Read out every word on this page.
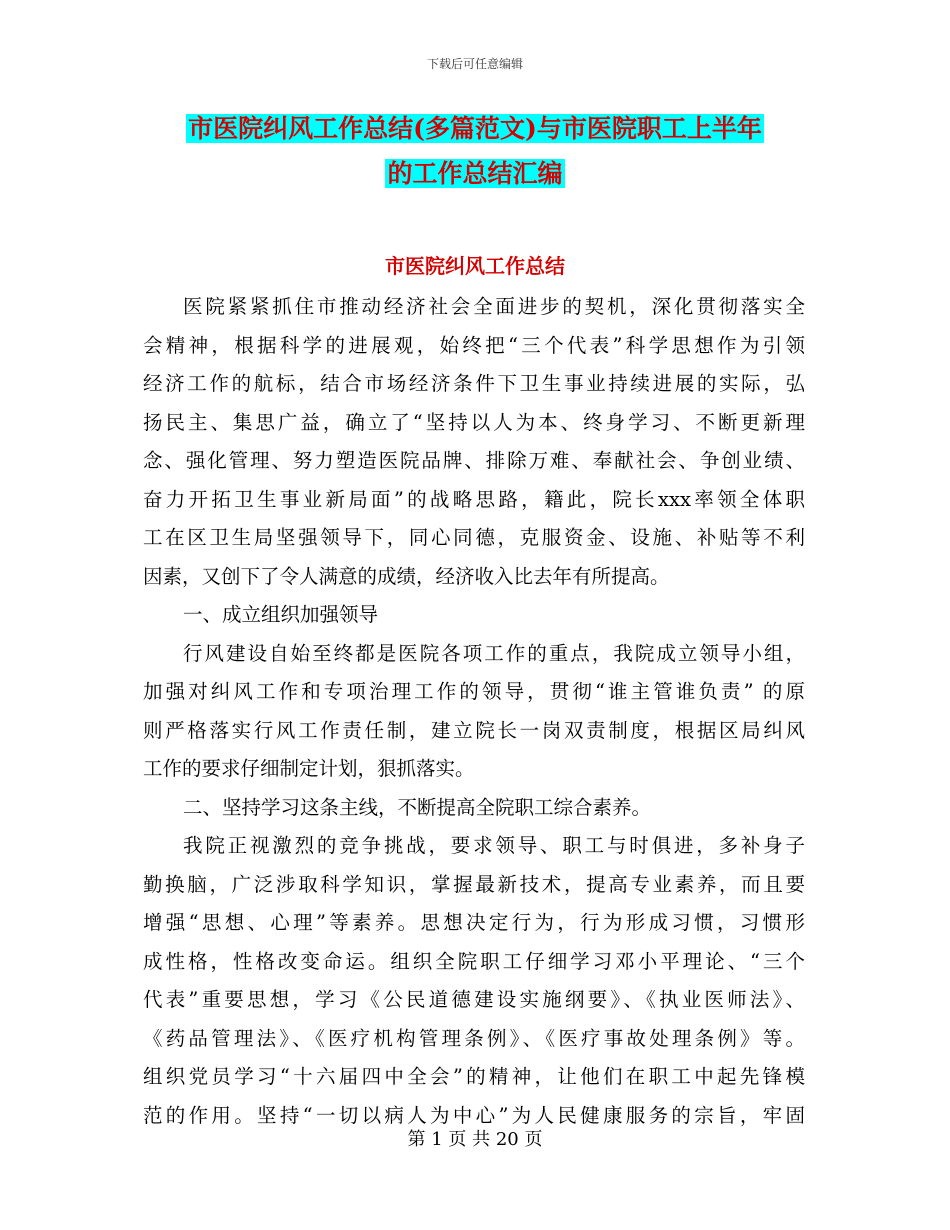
下载后可任意编辑
市医院纠风工作总结(多篇范文)与市医院职工上半年
的工作总结汇编
市医院纠风工作总结
医院紧紧抓住市推动经济社会全面进步的契机，深化贯彻落实全
会精神，根据科学的进展观，始终把“三个代表”科学思想作为引领
经济工作的航标，结合市场经济条件下卫生事业持续进展的实际，弘
扬民主、集思广益，确立了“坚持以人为本、终身学习、不断更新理
念、强化管理、努力塑造医院品牌、排除万难、奉献社会、争创业绩、
奋力开拓卫生事业新局面”的战略思路，籍此，院长xxx率领全体职
工在区卫生局坚强领导下，同心同德，克服资金、设施、补贴等不利
因素，又创下了令人满意的成绩，经济收入比去年有所提高。
一、成立组织加强领导
行风建设自始至终都是医院各项工作的重点，我院成立领导小组，
加强对纠风工作和专项治理工作的领导，贯彻“谁主管谁负责” 的原
则严格落实行风工作责任制，建立院长一岗双责制度，根据区局纠风
工作的要求仔细制定计划，狠抓落实。
二、坚持学习这条主线，不断提高全院职工综合素养。
我院正视激烈的竞争挑战，要求领导、职工与时俱进，多补身子
勤换脑，广泛涉取科学知识，掌握最新技术，提高专业素养，而且要
增强“思想、心理”等素养。思想决定行为，行为形成习惯，习惯形
成性格，性格改变命运。组织全院职工仔细学习邓小平理论、“三个
代表”重要思想，学习《公民道德建设实施纲要》、《执业医师法》、
《药品管理法》、《医疗机构管理条例》、《医疗事故处理条例》等。
组织党员学习“十六届四中全会”的精神，让他们在职工中起先锋模
范的作用。坚持“一切以病人为中心”为人民健康服务的宗旨，牢固
第 1 页 共 20 页
